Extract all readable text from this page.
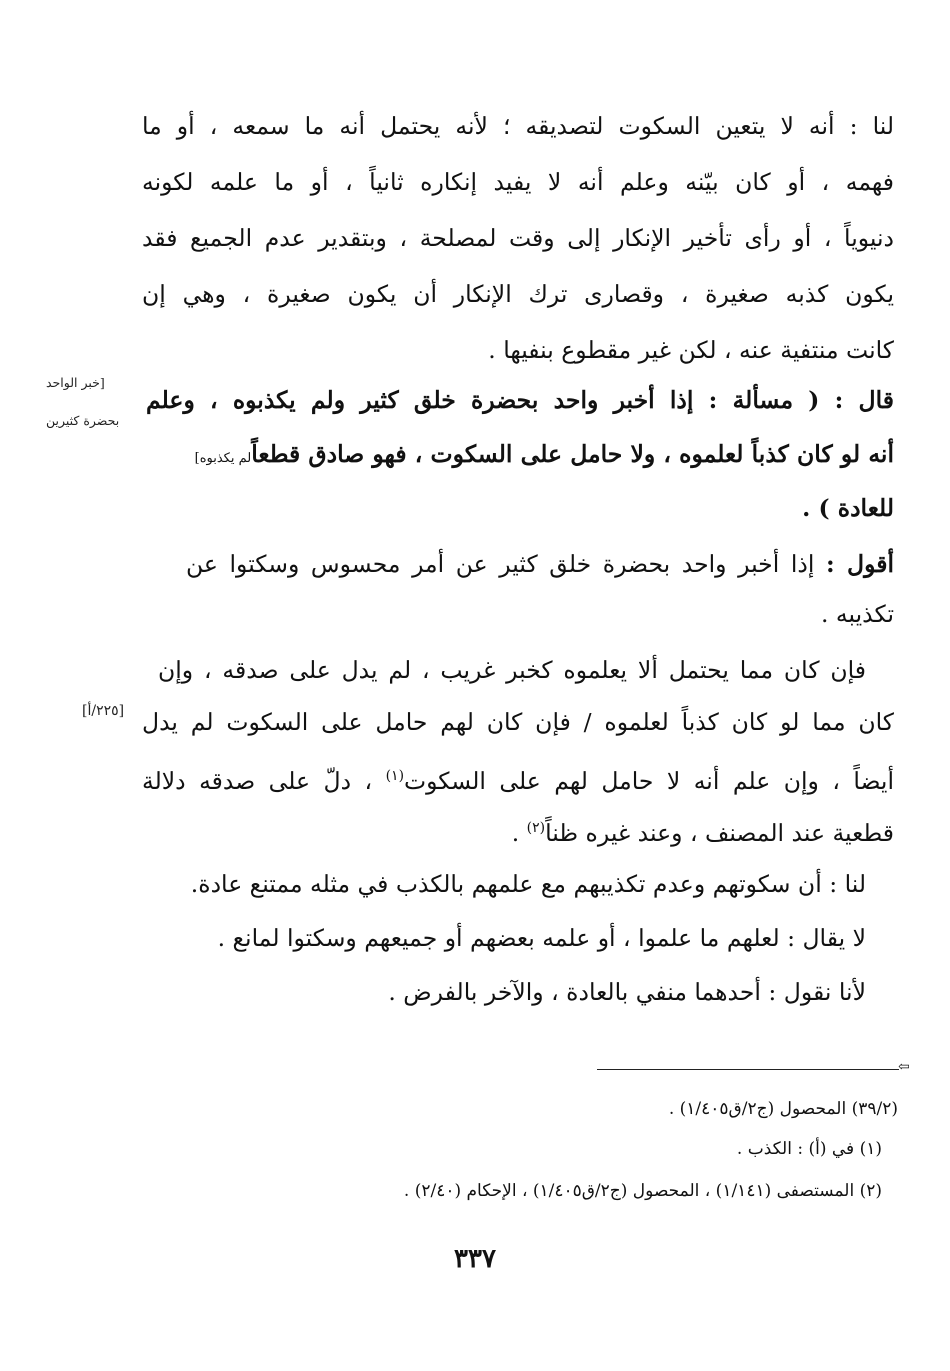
لنا : أنه لا يتعين السكوت لتصديقه ؛ لأنه يحتمل أنه ما سمعه ، أو ما
فهمه ، أو كان بيّنه وعلم أنه لا يفيد إنكاره ثانياً ، أو ما علمه لكونه
دنيوياً ، أو رأى تأخير الإنكار إلى وقت لمصلحة ، وبتقدير عدم الجميع فقد
يكون كذبه صغيرة ، وقصارى ترك الإنكار أن يكون صغيرة ، وهي إن
كانت منتفية عنه ، لكن غير مقطوع بنفيها .
[خبر الواحد
بحضرة كثيرين
قال : ( مسألة : إذا أخبر واحد بحضرة خلق كثير ولم يكذبوه ، وعلم
أنه لو كان كذباً لعلموه ، ولا حامل على السكوت ، فهو صادق قطعاًلم يكذبوه]
للعادة ) .
أقول : إذا أخبر واحد بحضرة خلق كثير عن أمر محسوس وسكتوا عن
تكذيبه .
فإن كان مما يحتمل ألا يعلموه كخبر غريب ، لم يدل على صدقه ، وإن
كان مما لو كان كذباً لعلموه / فإن كان لهم حامل على السكوت لم يدل
[٢٢٥/أ]
أيضاً ، وإن علم أنه لا حامل لهم على السكوت$^{(١)}$ ، دلّ على صدقه دلالة
قطعية عند المصنف ، وعند غيره ظناً$^{(٢)}$ .
لنا : أن سكوتهم وعدم تكذيبهم مع علمهم بالكذب في مثله ممتنع عادة.
لا يقال : لعلهم ما علموا ، أو علمه بعضهم أو جميعهم وسكتوا لمانع .
لأنا نقول : أحدهما منفي بالعادة ، والآخر بالفرض .
⇦
(٣٩/٢) المحصول (ج٢/ق١/٤٠٥) .
(١) في (أ) : الكذب .
(٢) المستصفى (١/١٤١) ، المحصول (ج٢/ق١/٤٠٥) ، الإحكام (٢/٤٠) .
٣٣٧
